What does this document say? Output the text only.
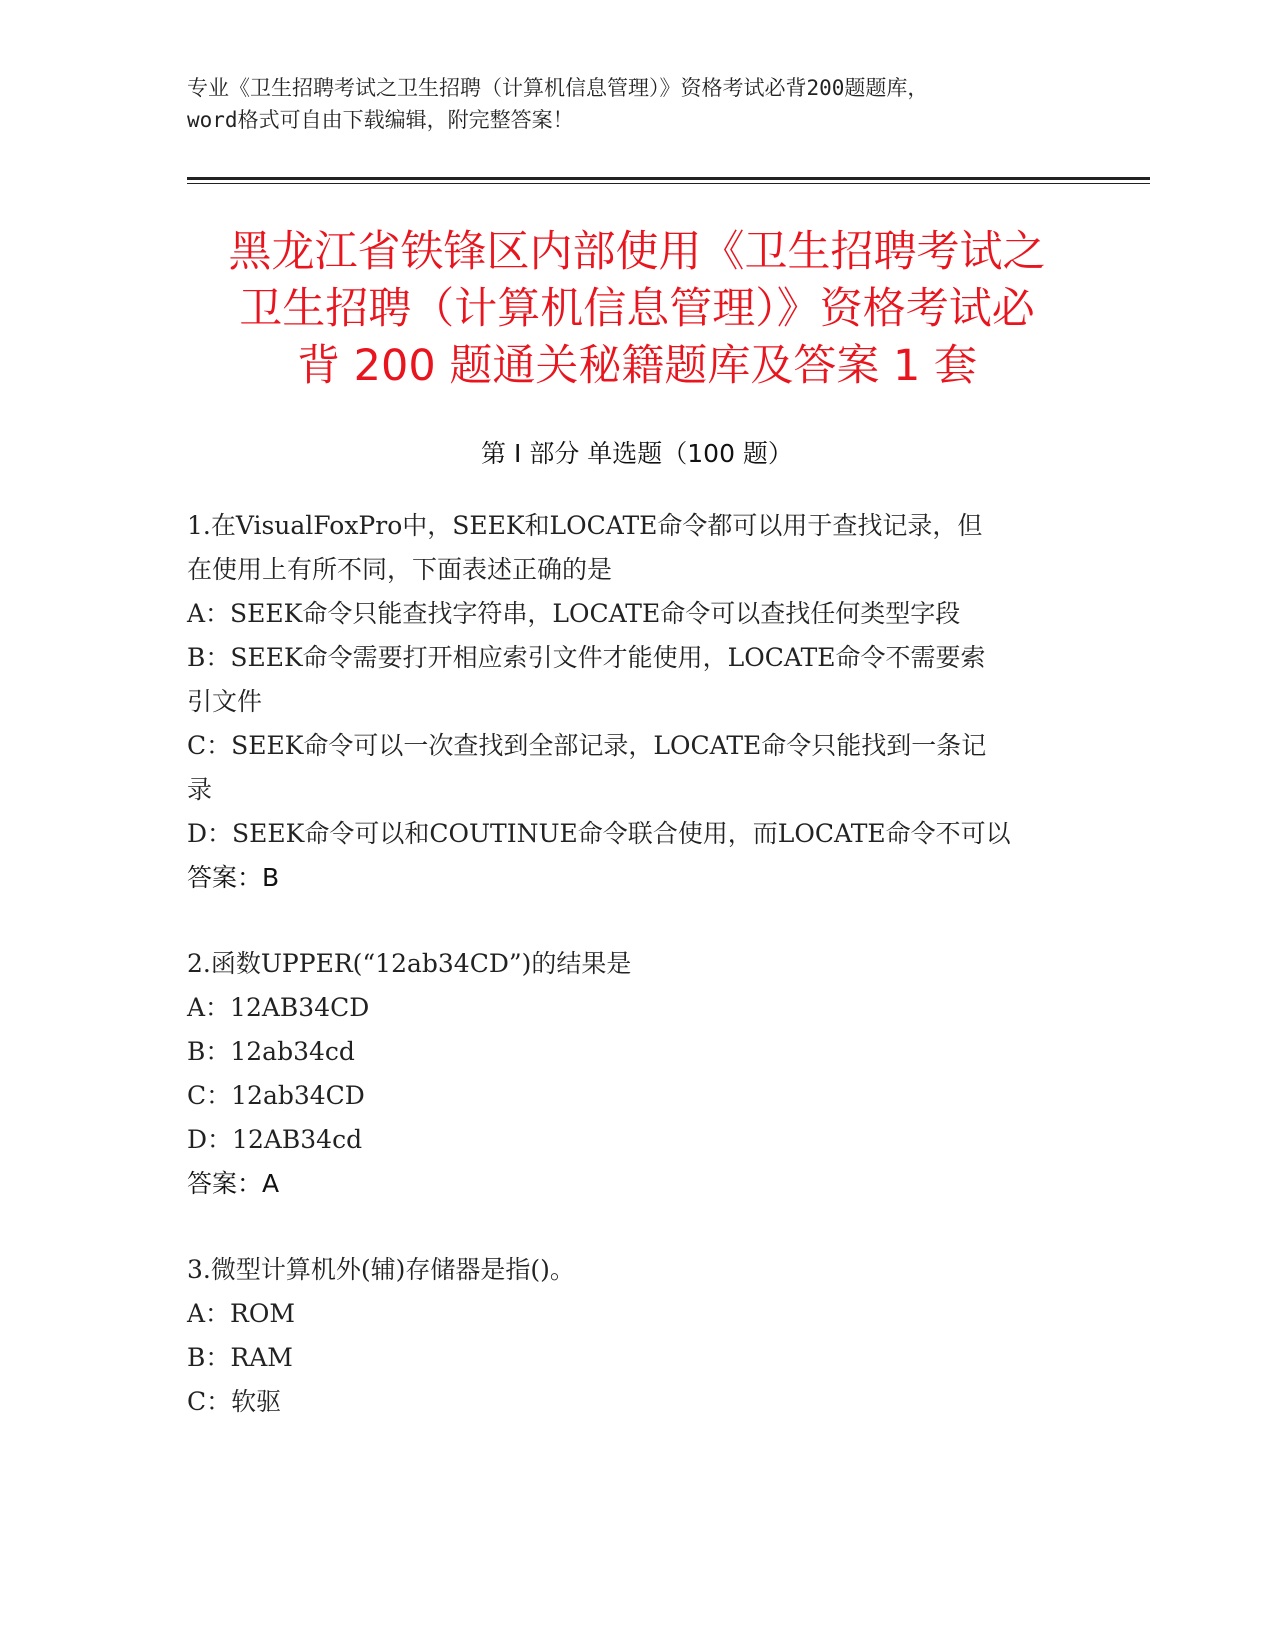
专业《卫生招聘考试之卫生招聘（计算机信息管理）》资格考试必背200题题库，
word格式可自由下载编辑，附完整答案！
黑龙江省铁锋区内部使用《卫生招聘考试之
卫生招聘（计算机信息管理）》资格考试必
背 200 题通关秘籍题库及答案 1 套
第 I 部分 单选题（100 题）
1.在VisualFoxPro中，SEEK和LOCATE命令都可以用于查找记录，但
在使用上有所不同，下面表述正确的是
A：SEEK命令只能查找字符串，LOCATE命令可以查找任何类型字段
B：SEEK命令需要打开相应索引文件才能使用，LOCATE命令不需要索
引文件
C：SEEK命令可以一次查找到全部记录，LOCATE命令只能找到一条记
录
D：SEEK命令可以和COUTINUE命令联合使用，而LOCATE命令不可以
答案：B
2.函数UPPER(“12ab34CD”)的结果是
A：12AB34CD
B：12ab34cd
C：12ab34CD
D：12AB34cd
答案：A
3.微型计算机外(辅)存储器是指()。
A：ROM
B：RAM
C：软驱
